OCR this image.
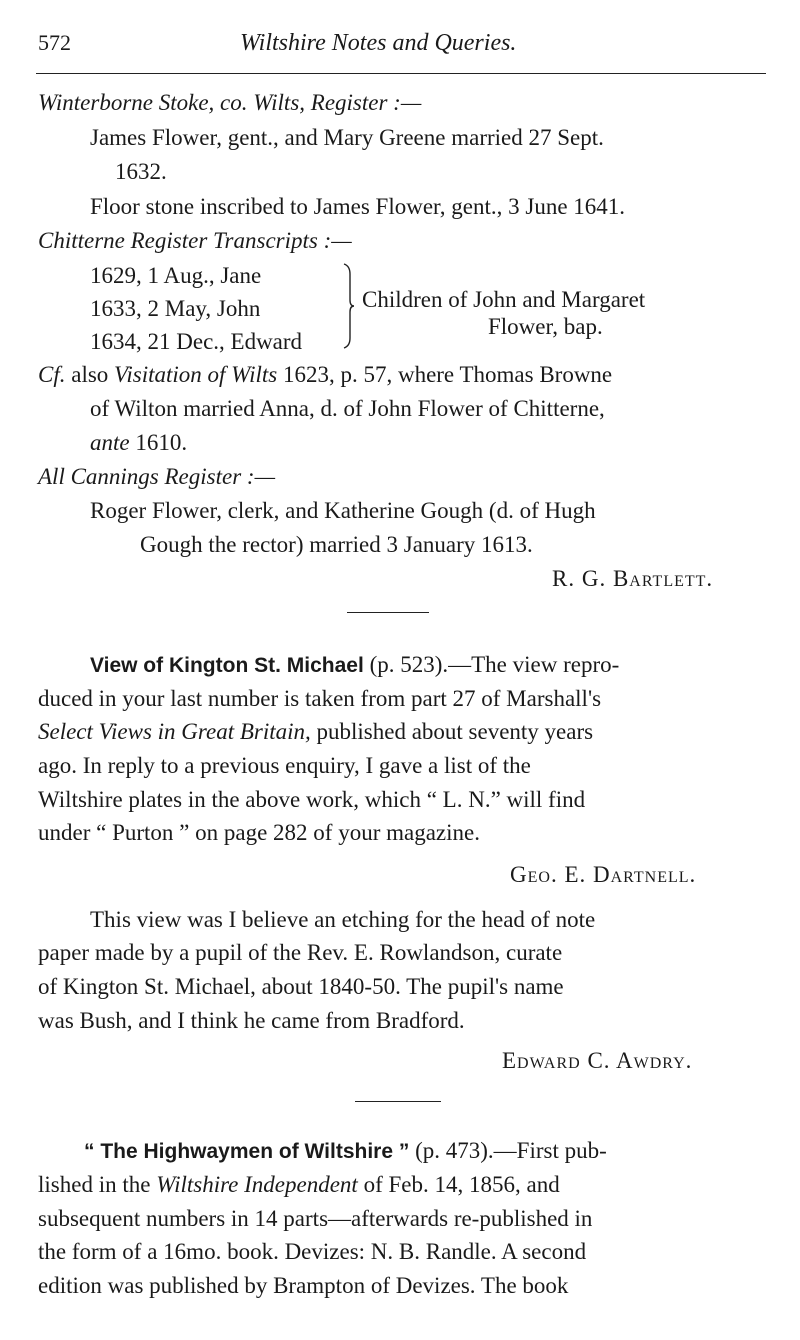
572	Wiltshire Notes and Queries.
Winterborne Stoke, co. Wilts, Register :—
James Flower, gent., and Mary Greene married 27 Sept.
1632.
Floor stone inscribed to James Flower, gent., 3 June 1641.
Chitterne Register Transcripts :—
1629, 1 Aug., Jane
1633, 2 May, John
1634, 21 Dec., Edward
Children of John and Margaret
Flower, bap.
Cf. also Visitation of Wilts 1623, p. 57, where Thomas Browne
of Wilton married Anna, d. of John Flower of Chitterne,
ante 1610.
All Cannings Register :—
Roger Flower, clerk, and Katherine Gough (d. of Hugh
Gough the rector) married 3 January 1613.
R. G. Bartlett.
View of Kington St. Michael (p. 523).—The view repro-
duced in your last number is taken from part 27 of Marshall's
Select Views in Great Britain, published about seventy years
ago. In reply to a previous enquiry, I gave a list of the
Wiltshire plates in the above work, which “ L. N.” will find
under “ Purton ” on page 282 of your magazine.
Geo. E. Dartnell.
This view was I believe an etching for the head of note
paper made by a pupil of the Rev. E. Rowlandson, curate
of Kington St. Michael, about 1840-50. The pupil's name
was Bush, and I think he came from Bradford.
Edward C. Awdry.
“ The Highwaymen of Wiltshire ” (p. 473).—First pub-
lished in the Wiltshire Independent of Feb. 14, 1856, and
subsequent numbers in 14 parts—afterwards re-published in
the form of a 16mo. book. Devizes: N. B. Randle. A second
edition was published by Brampton of Devizes. The book
